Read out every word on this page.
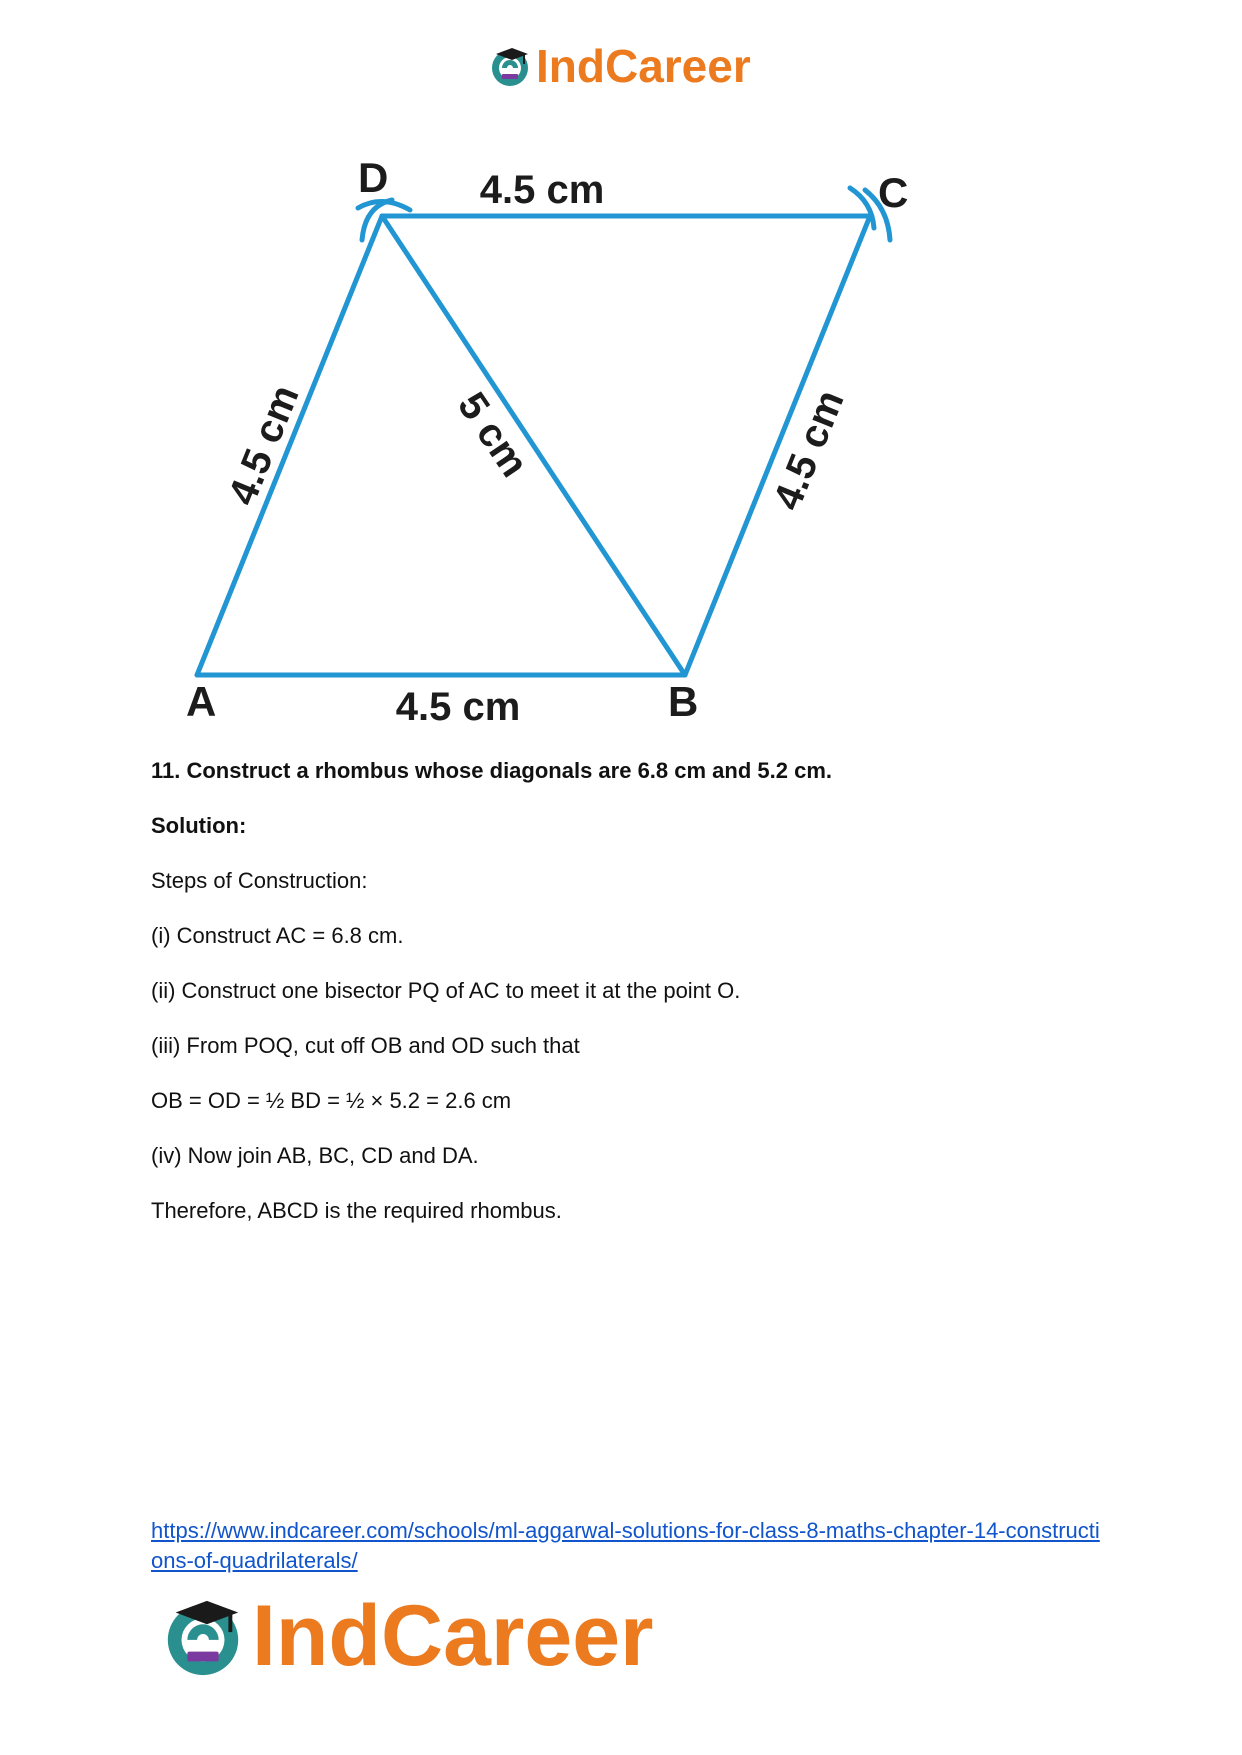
IndCareer
D	C
A	B
4.5 cm
4.5 cm
4.5 cm	4.5 cm
5 cm

11. Construct a rhombus whose diagonals are 6.8 cm and 5.2 cm.

Solution:

Steps of Construction:

(i) Construct AC = 6.8 cm.

(ii) Construct one bisector PQ of AC to meet it at the point O.

(iii) From POQ, cut off OB and OD such that

OB = OD = ½ BD = ½ × 5.2 = 2.6 cm

(iv) Now join AB, BC, CD and DA.

Therefore, ABCD is the required rhombus.

https://www.indcareer.com/schools/ml-aggarwal-solutions-for-class-8-maths-chapter-14-constructions-of-quadrilaterals/
IndCareer
